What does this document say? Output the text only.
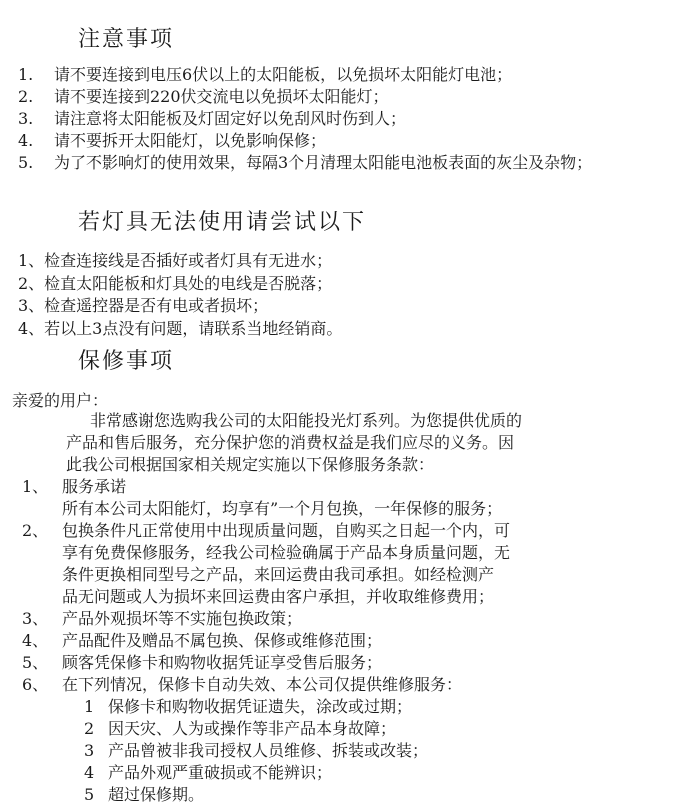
注意事项
1.	请不要连接到电压6伏以上的太阳能板，以免损坏太阳能灯电池；
2.	请不要连接到220伏交流电以免损坏太阳能灯；
3.	请注意将太阳能板及灯固定好以免刮风时伤到人；
4.	请不要拆开太阳能灯，以免影响保修；
5.	为了不影响灯的使用效果，每隔3个月清理太阳能电池板表面的灰尘及杂物；
若灯具无法使用请尝试以下
1、检查连接线是否插好或者灯具有无进水；
2、检直太阳能板和灯具处的电线是否脱落；
3、检查遥控器是否有电或者损坏；
4、若以上3点没有问题，请联系当地经销商。
保修事项

亲爱的用户：

非常感谢您选购我公司的太阳能投光灯系列。为您提供优质的
产品和售后服务，充分保护您的消费权益是我们应尽的义务。因
此我公司根据国家相关规定实施以下保修服务条款：

1、 服务承诺
所有本公司太阳能灯，均享有”一个月包换，一年保修的服务；
2、 包换条件凡正常使用中出现质量问题，自购买之日起一个内，可
享有免费保修服务，经我公司检验确属于产品本身质量问题，无
条件更换相同型号之产品，来回运费由我司承担。如经检测产
品无问题或人为损坏来回运费由客户承担，并收取维修费用；
3、 产品外观损坏等不实施包换政策；
4、 产品配件及赠品不属包换、保修或维修范围；
5、 顾客凭保修卡和购物收据凭证享受售后服务；
6、 在下列情况，保修卡自动失效、本公司仅提供维修服务：
1 保修卡和购物收据凭证遗失，涂改或过期；
2 因天灾、人为或操作等非产品本身故障；
3 产品曾被非我司授权人员维修、拆装或改装；
4 产品外观严重破损或不能辨识；
5 超过保修期。
